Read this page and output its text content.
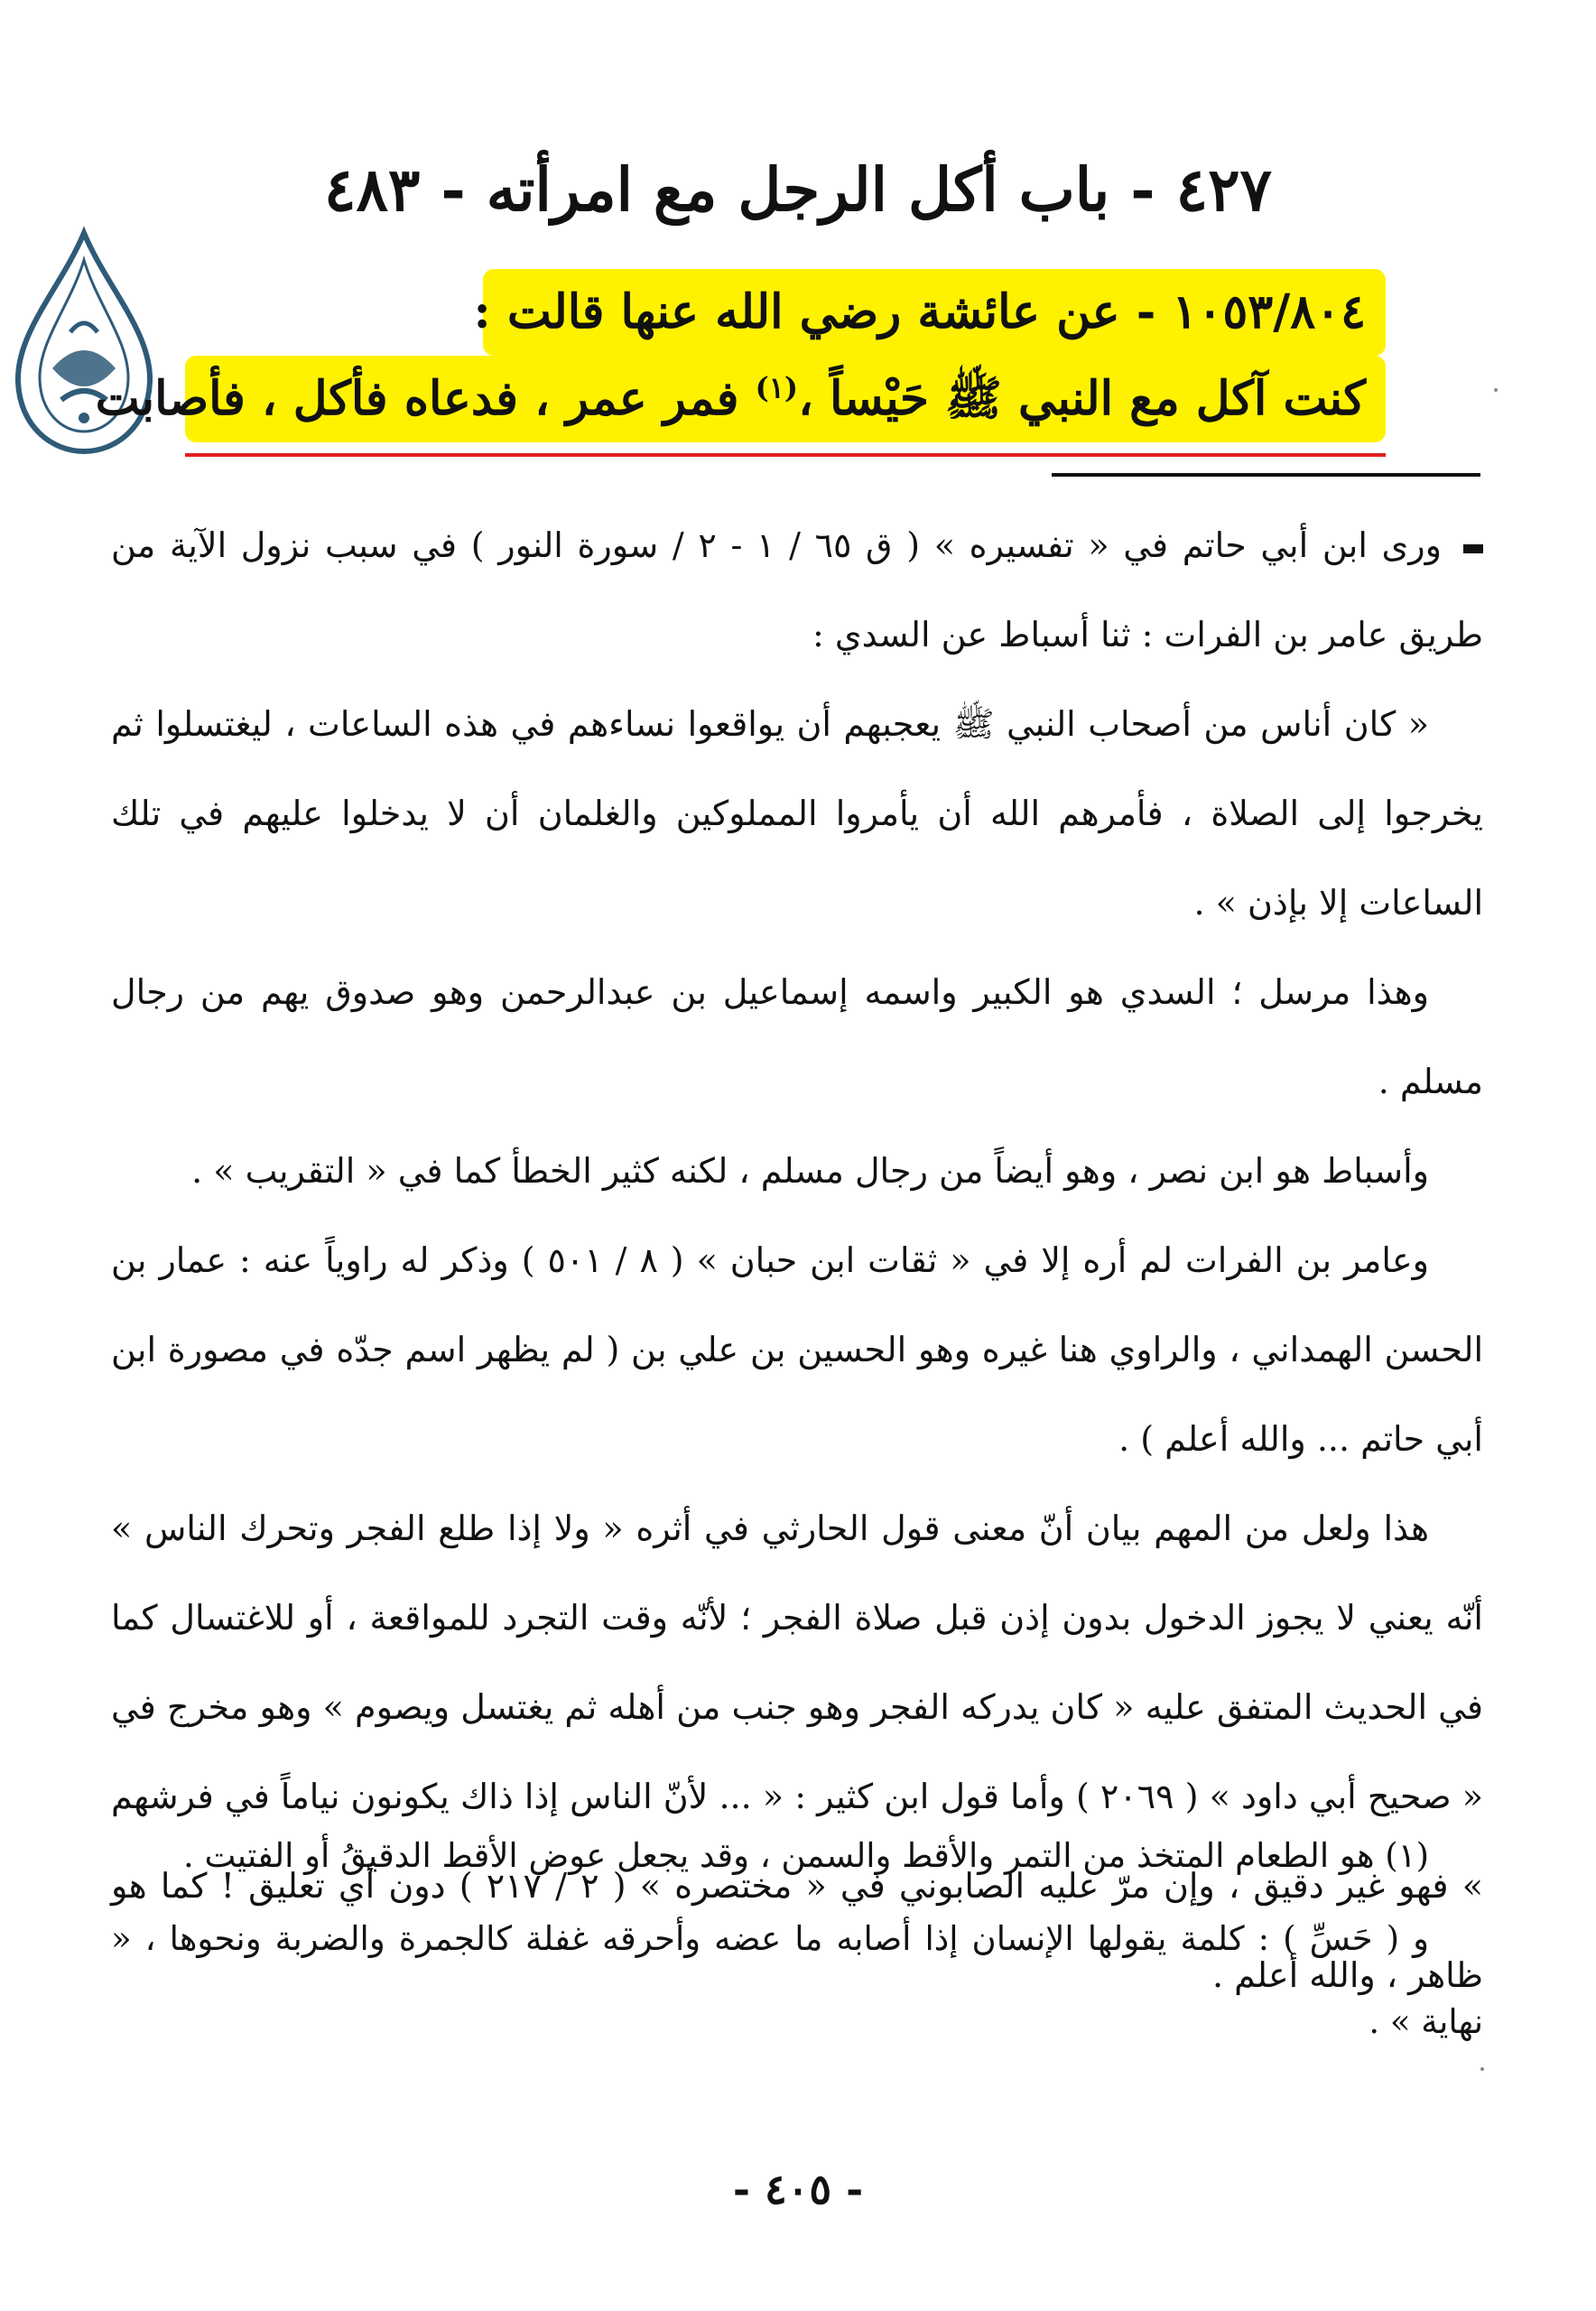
٤٢٧ - باب أكل الرجل مع امرأته - ٤٨٣
١٠٥٣/٨٠٤ - عن عائشة رضي الله عنها قالت :
كنت آكل مع النبي ﷺ حَيْساً ،$^{(١)}$ فمر عمر ، فدعاه فأكل ، فأصابت

ورى ابن أبي حاتم في « تفسيره » ( ق ٦٥ / ١ - ٢ / سورة النور ) في سبب نزول الآية من طريق عامر بن الفرات : ثنا أسباط عن السدي :

« كان أناس من أصحاب النبي ﷺ يعجبهم أن يواقعوا نساءهم في هذه الساعات ، ليغتسلوا ثم يخرجوا إلى الصلاة ، فأمرهم الله أن يأمروا المملوكين والغلمان أن لا يدخلوا عليهم في تلك الساعات إلا بإذن » .

وهذا مرسل ؛ السدي هو الكبير واسمه إسماعيل بن عبدالرحمن وهو صدوق يهم من رجال مسلم .

وأسباط هو ابن نصر ، وهو أيضاً من رجال مسلم ، لكنه كثير الخطأ كما في « التقريب » .

وعامر بن الفرات لم أره إلا في « ثقات ابن حبان » ( ٨ / ٥٠١ ) وذكر له راوياً عنه : عمار بن الحسن الهمداني ، والراوي هنا غيره وهو الحسين بن علي بن ( لم يظهر اسم جدّه في مصورة ابن أبي حاتم ... والله أعلم ) .

هذا ولعل من المهم بيان أنّ معنى قول الحارثي في أثره « ولا إذا طلع الفجر وتحرك الناس » أنّه يعني لا يجوز الدخول بدون إذن قبل صلاة الفجر ؛ لأنّه وقت التجرد للمواقعة ، أو للاغتسال كما في الحديث المتفق عليه « كان يدركه الفجر وهو جنب من أهله ثم يغتسل ويصوم » وهو مخرج في « صحيح أبي داود » ( ٢٠٦٩ ) وأما قول ابن كثير : « ... لأنّ الناس إذا ذاك يكونون نياماً في فرشهم » فهو غير دقيق ، وإن مرّ عليه الصابوني في « مختصره » ( ٢ / ٢١٧ ) دون أي تعليق ! كما هو ظاهر ، والله أعلم .

(١) هو الطعام المتخذ من التمر والأقط والسمن ، وقد يجعل عوض الأقط الدقيقُ أو الفتيت .

و ( حَسِّ ) : كلمة يقولها الإنسان إذا أصابه ما عضه وأحرقه غفلة كالجمرة والضربة ونحوها ، « نهاية » .

- ٤٠٥ -
